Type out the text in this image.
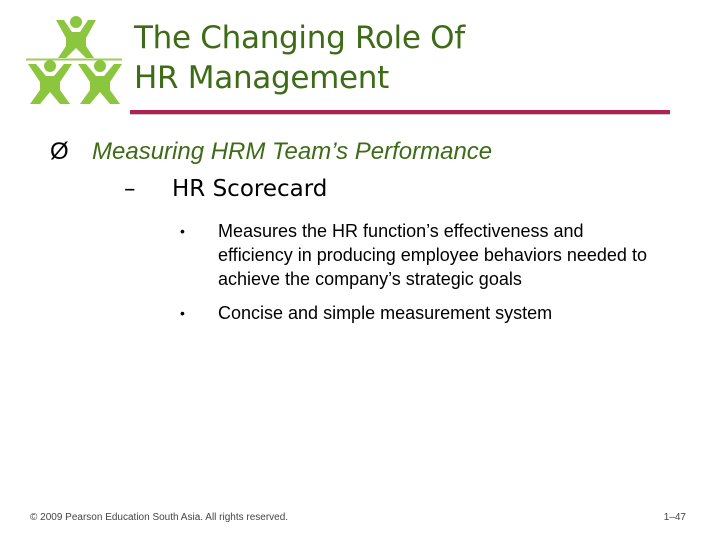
The Changing Role Of
HR Management
Ø Measuring HRM Team’s Performance
– HR Scorecard
• Measures the HR function’s effectiveness and efficiency in producing employee behaviors needed to achieve the company’s strategic goals
• Concise and simple measurement system
© 2009 Pearson Education South Asia. All rights reserved.	1–47
